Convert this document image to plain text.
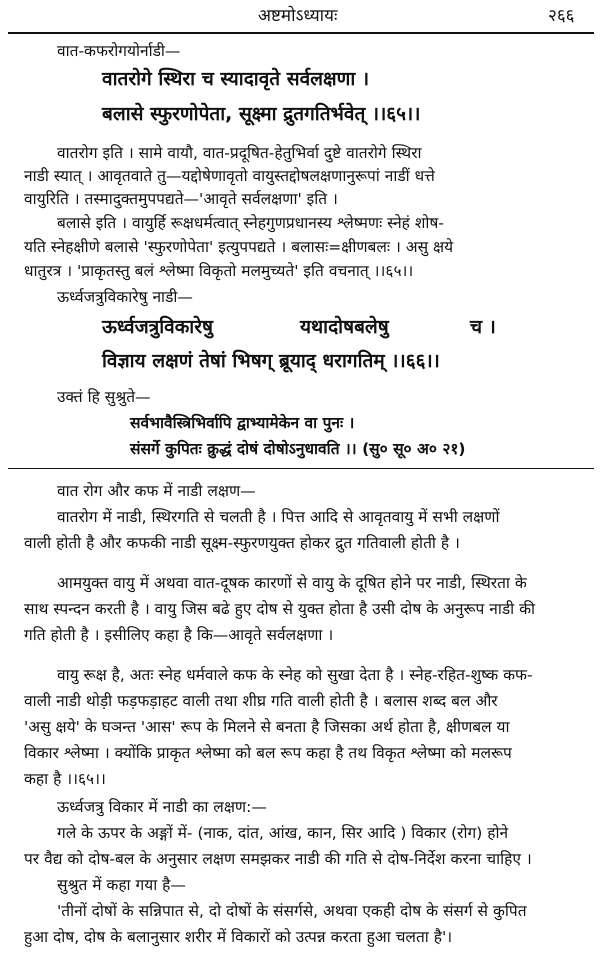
अष्टमोऽध्यायः	२६६
वात-कफरोगयोर्नाडी—
वातरोगे स्थिरा च स्यादावृते सर्वलक्षणा ।
बलासे स्फुरणोपेता, सूक्ष्मा द्रुतगतिर्भवेत् ।।६५।।
वातरोग इति । सामे वायौ, वात-प्रदूषित-हेतुभिर्वा दुष्टे वातरोगे स्थिरा
नाडी स्यात् । आवृतवाते तु—यद्दोषेणावृतो वायुस्तद्दोषलक्षणानुरूपां नाडीं धत्ते
वायुरिति । तस्मादुक्तमुपपद्यते—'आवृते सर्वलक्षणा' इति ।
बलासे इति । वायुर्हि रूक्षधर्मत्वात् स्नेहगुणप्रधानस्य श्लेष्मणः स्नेहं शोष-
यति स्नेहक्षीणे बलासे 'स्फुरणोपेता' इत्युपपद्यते । बलासः=क्षीणबलः । असु क्षये
धातुरत्र । 'प्राकृतस्तु बलं श्लेष्मा विकृतो मलमुच्यते' इति वचनात् ।।६५।।
ऊर्ध्वजत्रुविकारेषु नाडी—
ऊर्ध्वजत्रुविकारेषु	यथादोषबलेषु	च ।
विज्ञाय लक्षणं तेषां भिषग् ब्रूयाद् धरागतिम् ।।६६।।
उक्तं हि सुश्रुते—
सर्वभावैस्त्रिभिर्वापि द्वाभ्यामेकेन वा पुनः ।
संसर्गे कुपितः क्रुद्धं दोषं दोषोऽनुधावति ।। (सु० सू० अ० २१)
वात रोग और कफ में नाडी लक्षण—
वातरोग में नाडी, स्थिरगति से चलती है । पित्त आदि से आवृतवायु में सभी लक्षणों
वाली होती है और कफकी नाडी सूक्ष्म-स्फुरणयुक्त होकर द्रुत गतिवाली होती है ।
आमयुक्त वायु में अथवा वात-दूषक कारणों से वायु के दूषित होने पर नाडी, स्थिरता के
साथ स्पन्दन करती है । वायु जिस बढे हुए दोष से युक्त होता है उसी दोष के अनुरूप नाडी की
गति होती है । इसीलिए कहा है कि—आवृते सर्वलक्षणा ।
वायु रूक्ष है, अतः स्नेह धर्मवाले कफ के स्नेह को सुखा देता है । स्नेह-रहित-शुष्क कफ-
वाली नाडी थोड़ी फड़फड़ाहट वाली तथा शीघ्र गति वाली होती है । बलास शब्द बल और
'असु क्षये' के घञन्त 'आस' रूप के मिलने से बनता है जिसका अर्थ होता है, क्षीणबल या
विकार श्लेष्मा । क्योंकि प्राकृत श्लेष्मा को बल रूप कहा है तथ विकृत श्लेष्मा को मलरूप
कहा है ।।६५।।
ऊर्ध्वजत्रु विकार में नाडी का लक्षण:—
गले के ऊपर के अङ्गों में- (नाक, दांत, आंख, कान, सिर आदि ) विकार (रोग) होने
पर वैद्य को दोष-बल के अनुसार लक्षण समझकर नाडी की गति से दोष-निर्देश करना चाहिए ।
सुश्रुत में कहा गया है—
'तीनों दोषों के सन्निपात से, दो दोषों के संसर्गसे, अथवा एकही दोष के संसर्ग से कुपित
हुआ दोष, दोष के बलानुसार शरीर में विकारों को उत्पन्न करता हुआ चलता है'।
